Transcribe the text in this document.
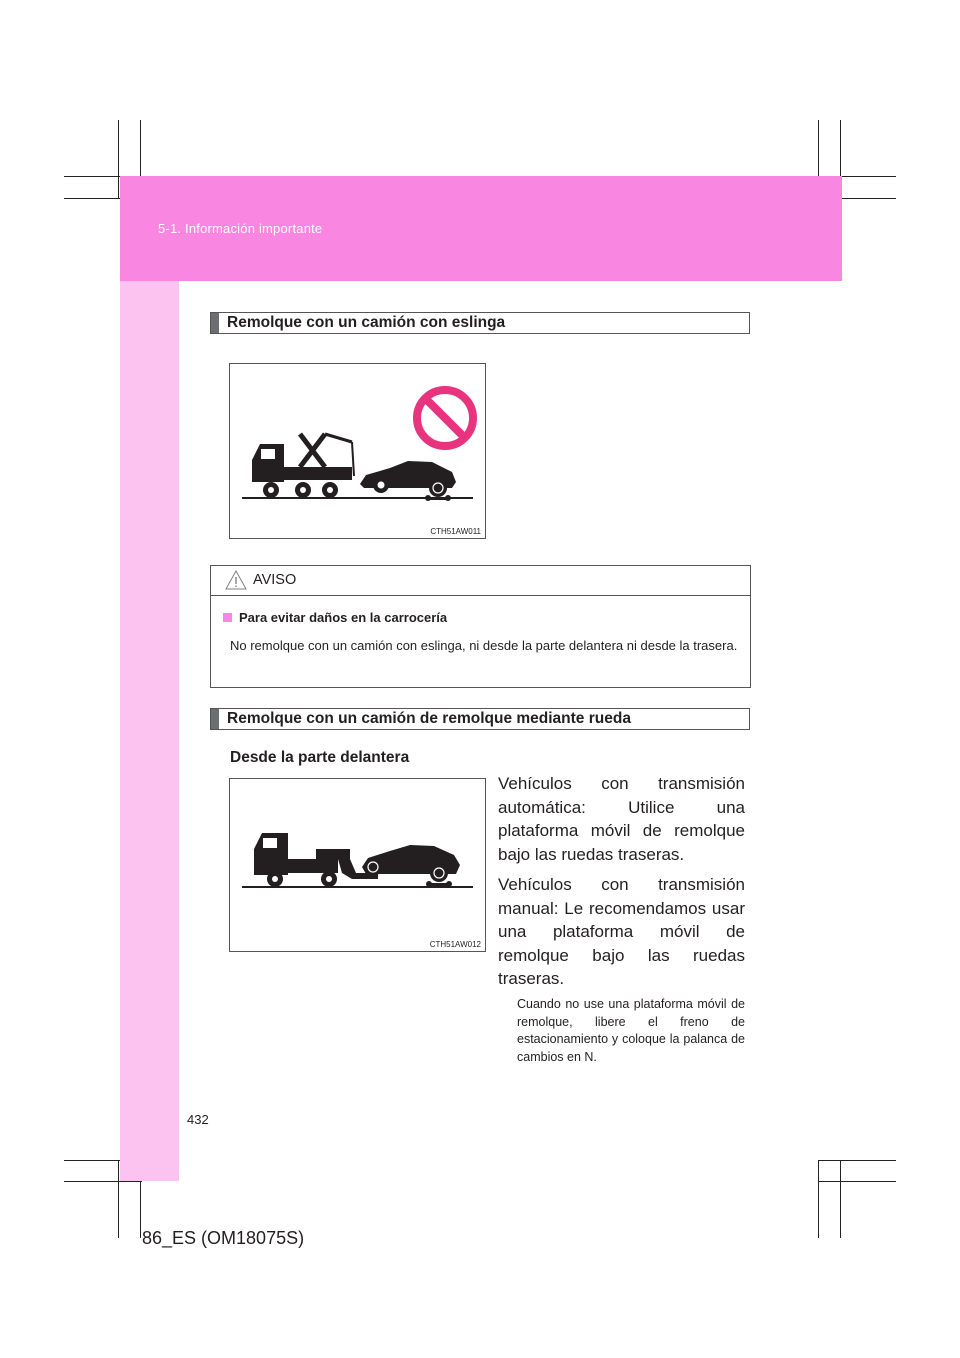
5-1. Información importante
Remolque con un camión con eslinga
CTH51AW011
AVISO
Para evitar daños en la carrocería
No remolque con un camión con eslinga, ni desde la parte delantera ni desde la trasera.
Remolque con un camión de remolque mediante rueda
Desde la parte delantera
CTH51AW012
Vehículos con transmisión automática: Utilice una plataforma móvil de remolque bajo las ruedas traseras.
Vehículos con transmisión manual: Le recomendamos usar una plataforma móvil de remolque bajo las ruedas traseras.
Cuando no use una plataforma móvil de remolque, libere el freno de estacionamiento y coloque la palanca de cambios en N.
432
86_ES (OM18075S)
